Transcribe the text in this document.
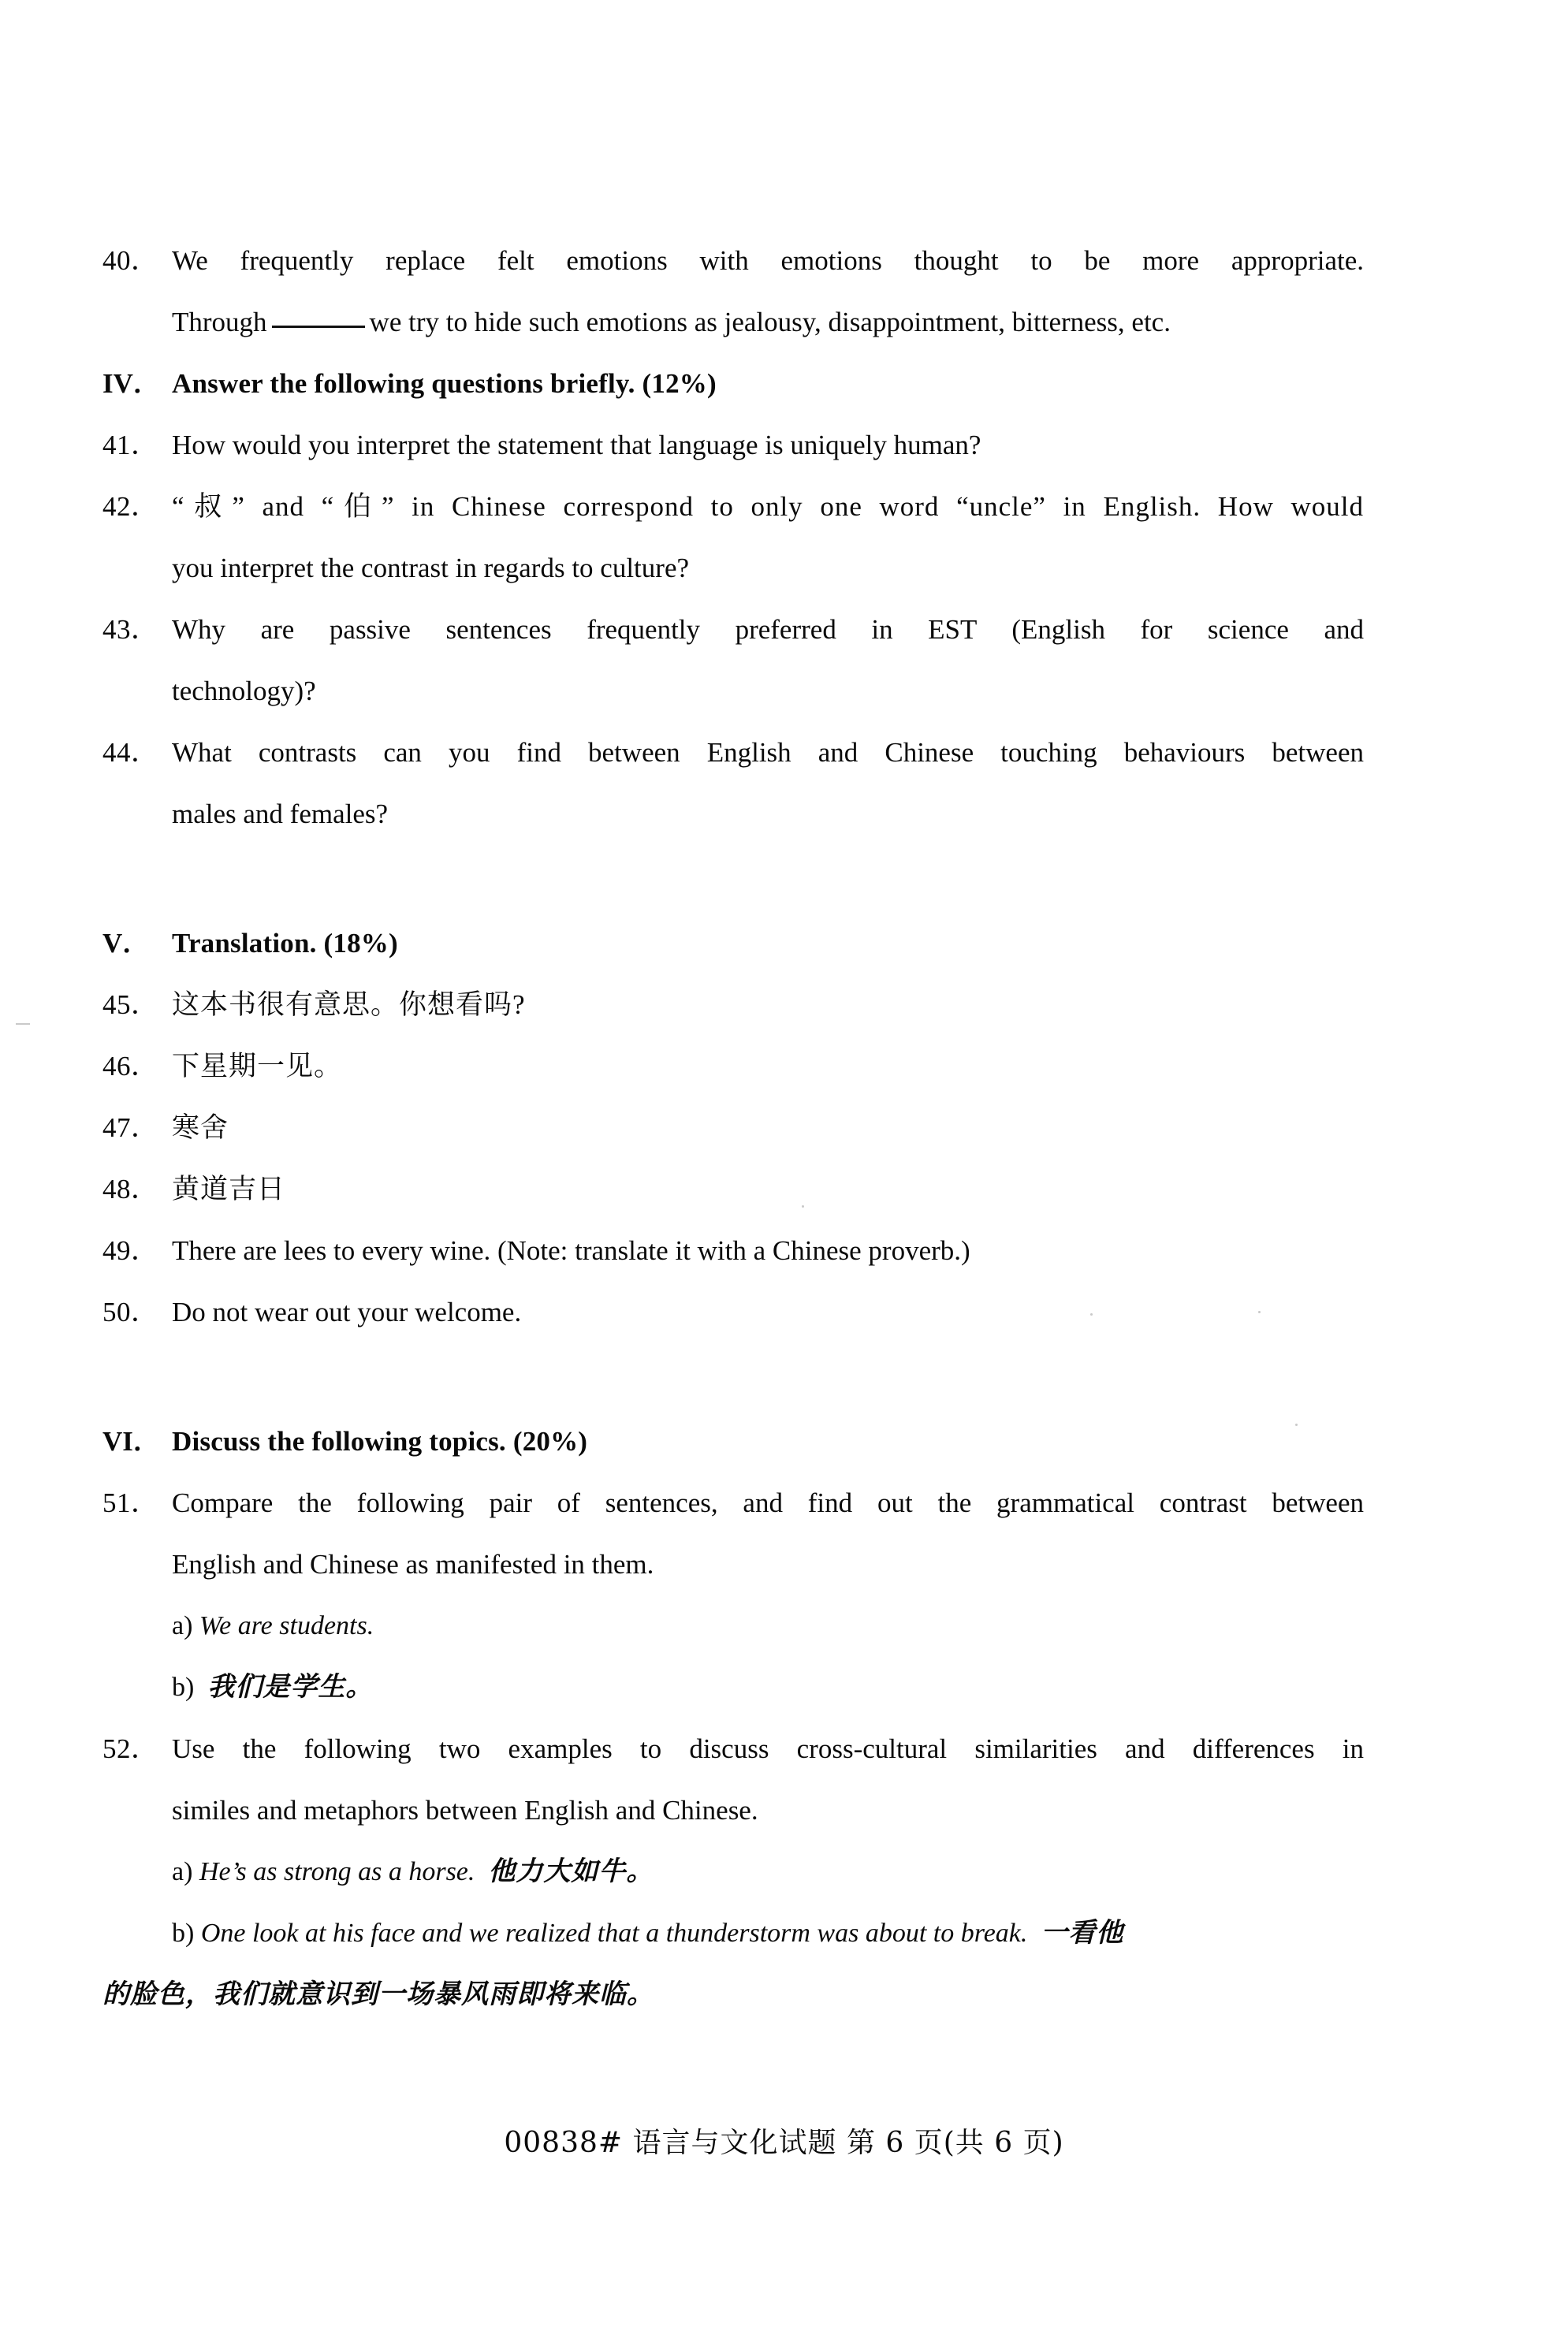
40． We frequently replace felt emotions with emotions thought to be more appropriate.
Through	we try to hide such emotions as jealousy, disappointment, bitterness, etc.
IV． Answer the following questions briefly. (12%)
41． How would you interpret the statement that language is uniquely human?
42． “叔” and “伯” in Chinese correspond to only one word “uncle” in English. How would
you interpret the contrast in regards to culture?
43． Why are passive sentences frequently preferred in EST (English for science and
technology)?
44． What contrasts can you find between English and Chinese touching behaviours between
males and females?
V． Translation. (18%)
45． 这本书很有意思。你想看吗?
46． 下星期一见。
47． 寒舍
48． 黄道吉日
49． There are lees to every wine. (Note: translate it with a Chinese proverb.)
50． Do not wear out your welcome.
VI． Discuss the following topics. (20%)
51． Compare the following pair of sentences, and find out the grammatical contrast between
English and Chinese as manifested in them.
a) We are students.
b) 我们是学生。
52． Use the following two examples to discuss cross-cultural similarities and differences in
similes and metaphors between English and Chinese.
a) He’s as strong as a horse. 他力大如牛。
b) One look at his face and we realized that a thunderstorm was about to break. 一看他
的脸色，我们就意识到一场暴风雨即将来临。
00838# 语言与文化试题 第 6 页(共 6 页)
